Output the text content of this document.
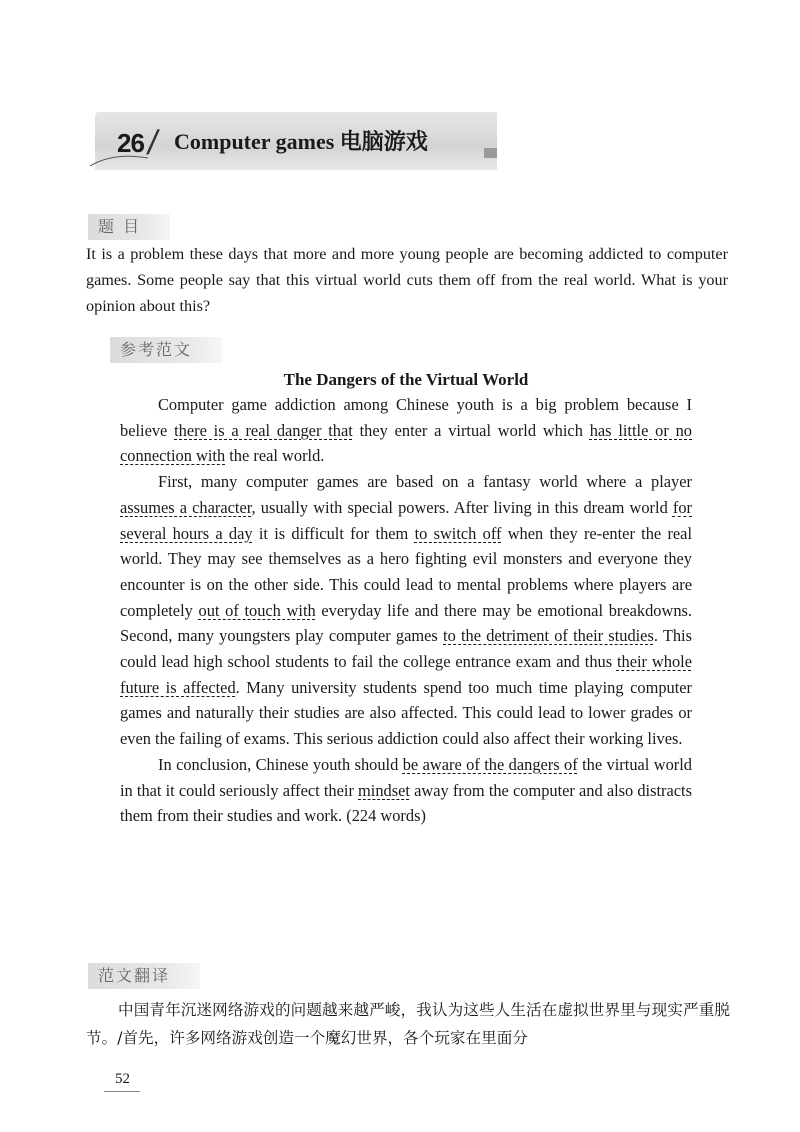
26 / Computer games 电脑游戏
题 目
It is a problem these days that more and more young people are becoming addicted to computer games. Some people say that this virtual world cuts them off from the real world. What is your opinion about this?
参考范文
The Dangers of the Virtual World

Computer game addiction among Chinese youth is a big problem because I believe there is a real danger that they enter a virtual world which has little or no connection with the real world.

First, many computer games are based on a fantasy world where a player assumes a character, usually with special powers. After living in this dream world for several hours a day it is difficult for them to switch off when they re-enter the real world. They may see themselves as a hero fighting evil monsters and everyone they encounter is on the other side. This could lead to mental problems where players are completely out of touch with everyday life and there may be emotional breakdowns. Second, many youngsters play computer games to the detriment of their studies. This could lead high school students to fail the college entrance exam and thus their whole future is affected. Many university students spend too much time playing computer games and naturally their studies are also affected. This could lead to lower grades or even the failing of exams. This serious addiction could also affect their working lives.

In conclusion, Chinese youth should be aware of the dangers of the virtual world in that it could seriously affect their mindset away from the computer and also distracts them from their studies and work. (224 words)

范文翻译
中国青年沉迷网络游戏的问题越来越严峻，我认为这些人生活在虚拟世界里与现实严重脱节。/首先，许多网络游戏创造一个魔幻世界，各个玩家在里面分
52
